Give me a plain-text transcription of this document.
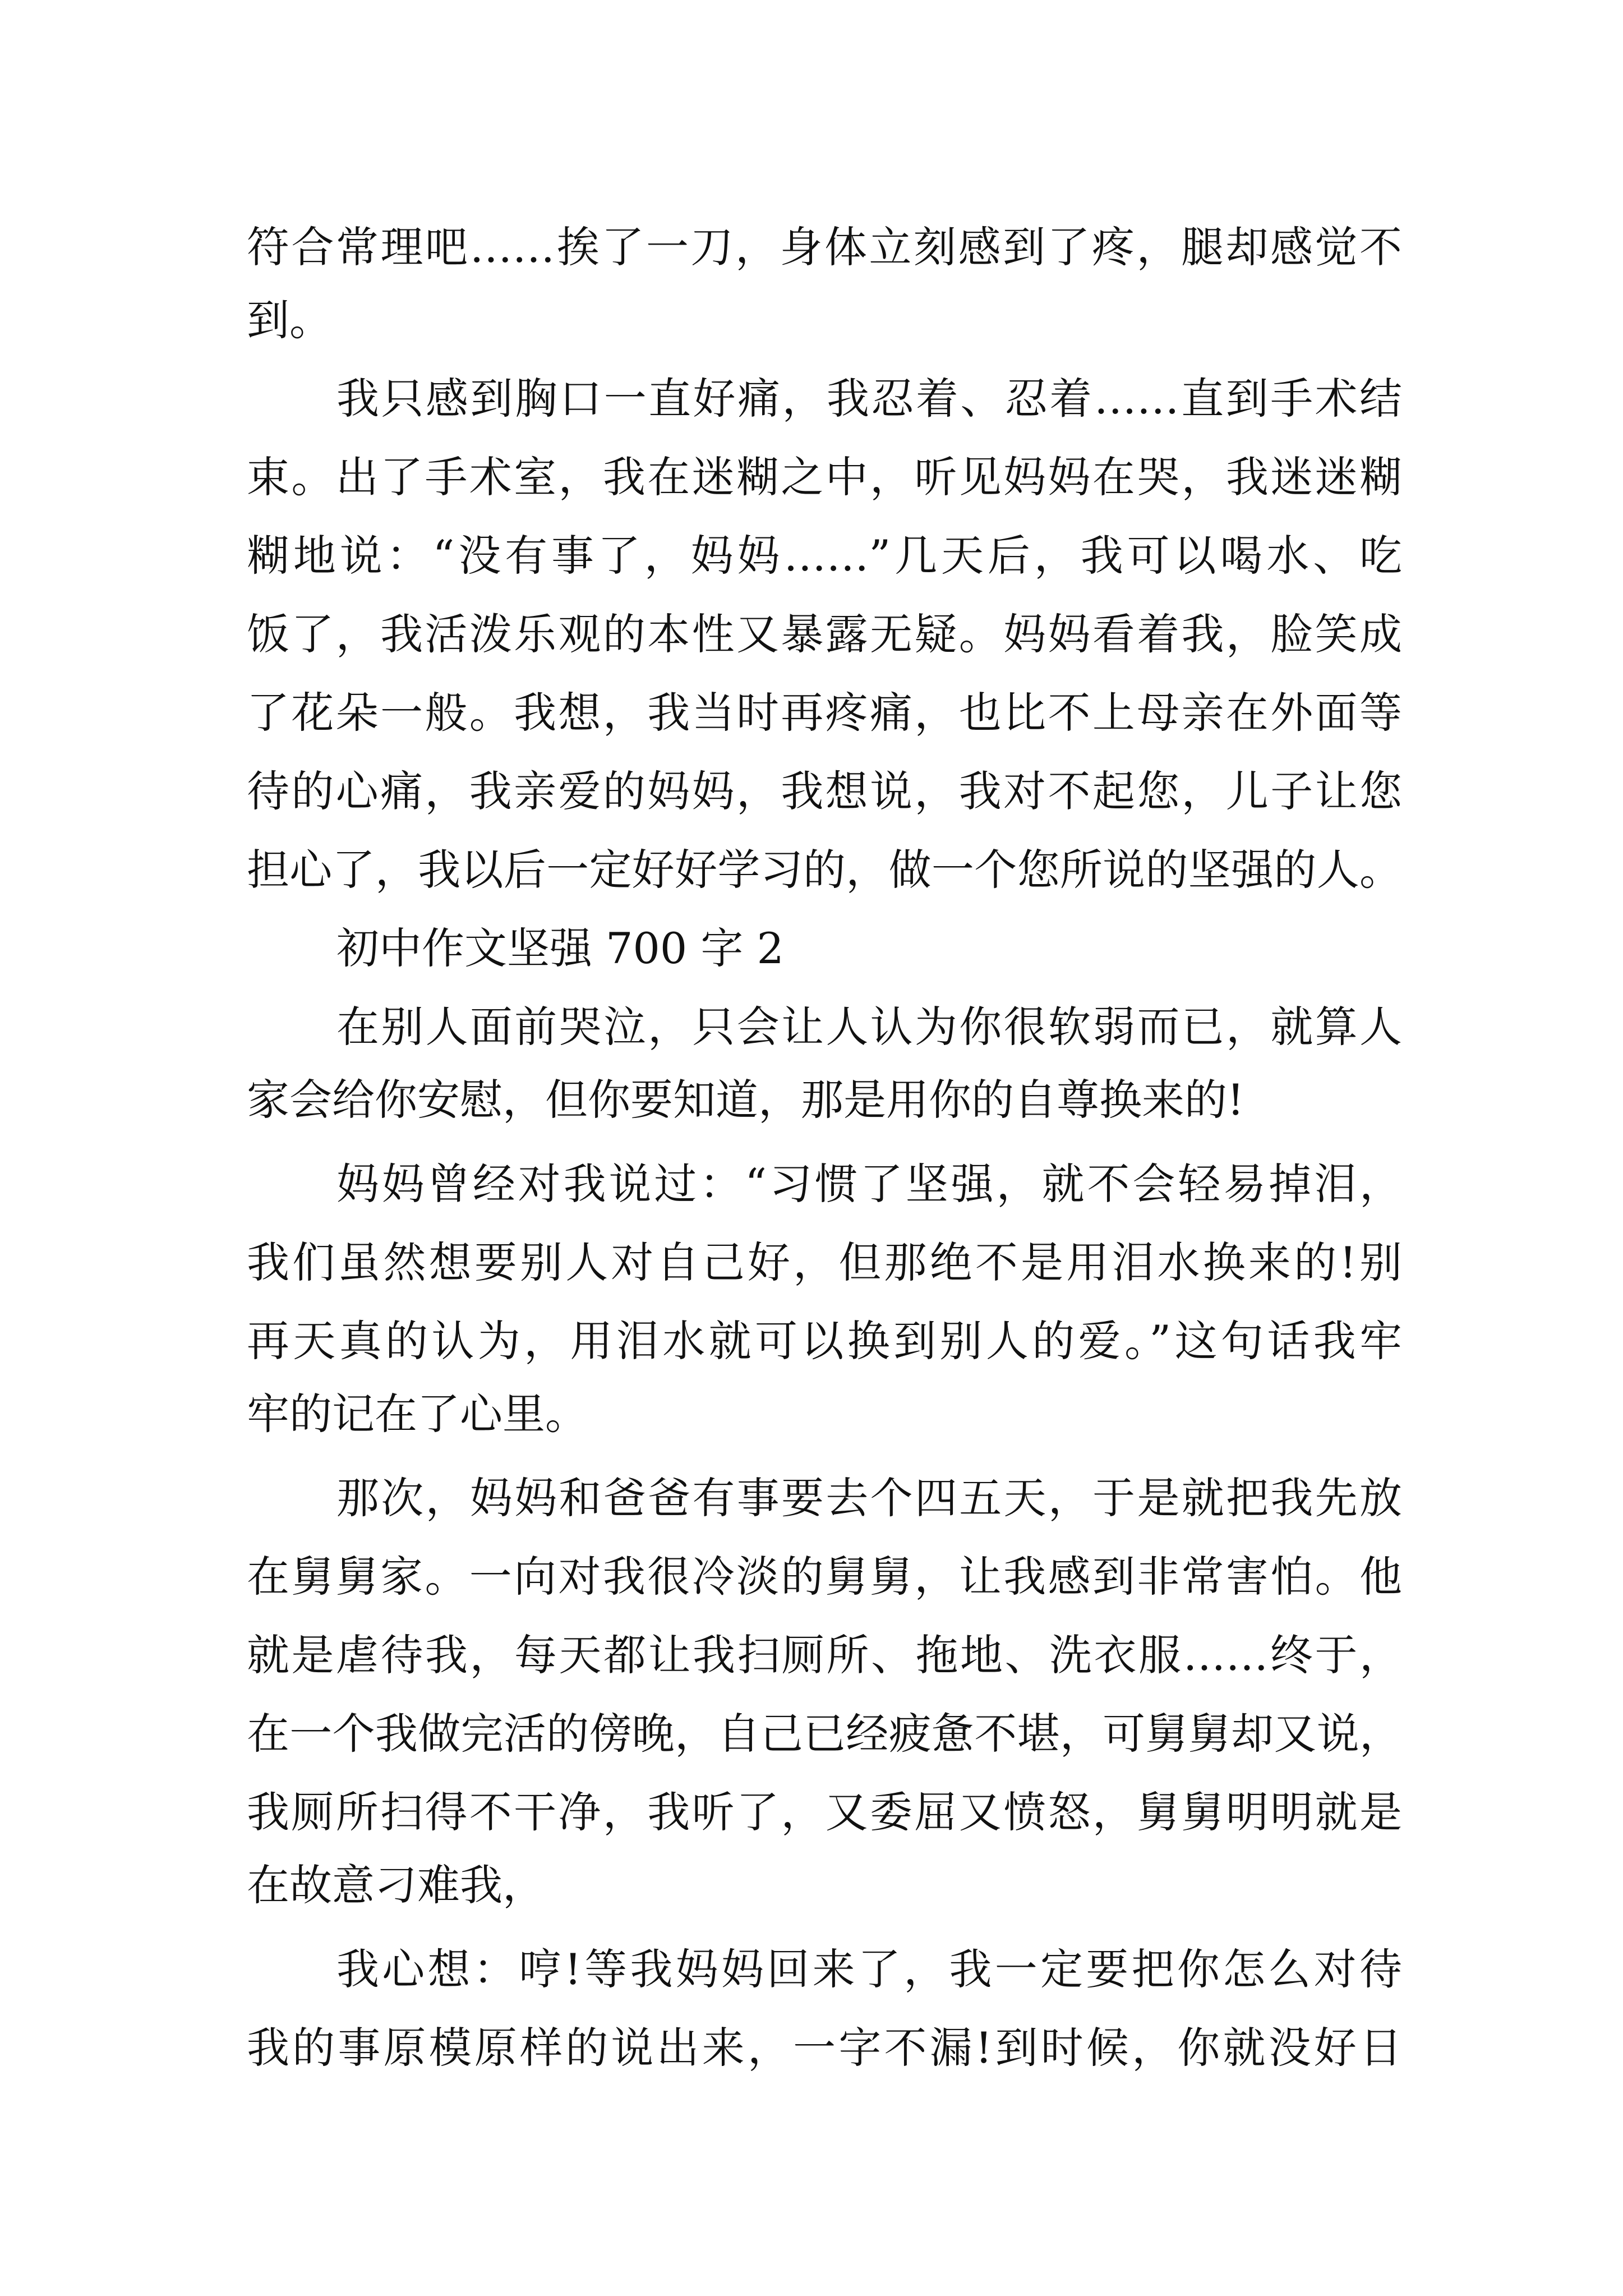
符合常理吧……挨了一刀，身体立刻感到了疼，腿却感觉不
到。
我只感到胸口一直好痛，我忍着、忍着……直到手术结
束。出了手术室，我在迷糊之中，听见妈妈在哭，我迷迷糊
糊地说：“没有事了，妈妈……”几天后，我可以喝水、吃
饭了，我活泼乐观的本性又暴露无疑。妈妈看着我，脸笑成
了花朵一般。我想，我当时再疼痛，也比不上母亲在外面等
待的心痛，我亲爱的妈妈，我想说，我对不起您，儿子让您
担心了，我以后一定好好学习的，做一个您所说的坚强的人。
初中作文坚强 700 字 2
在别人面前哭泣，只会让人认为你很软弱而已，就算人
家会给你安慰，但你要知道，那是用你的自尊换来的!
妈妈曾经对我说过：“习惯了坚强，就不会轻易掉泪，
我们虽然想要别人对自己好，但那绝不是用泪水换来的!别
再天真的认为，用泪水就可以换到别人的爱。”这句话我牢
牢的记在了心里。
那次，妈妈和爸爸有事要去个四五天，于是就把我先放
在舅舅家。一向对我很冷淡的舅舅，让我感到非常害怕。他
就是虐待我，每天都让我扫厕所、拖地、洗衣服……终于，
在一个我做完活的傍晚，自己已经疲惫不堪，可舅舅却又说，
我厕所扫得不干净，我听了，又委屈又愤怒，舅舅明明就是
在故意刁难我，
我心想：哼!等我妈妈回来了，我一定要把你怎么对待
我的事原模原样的说出来，一字不漏!到时候，你就没好日
